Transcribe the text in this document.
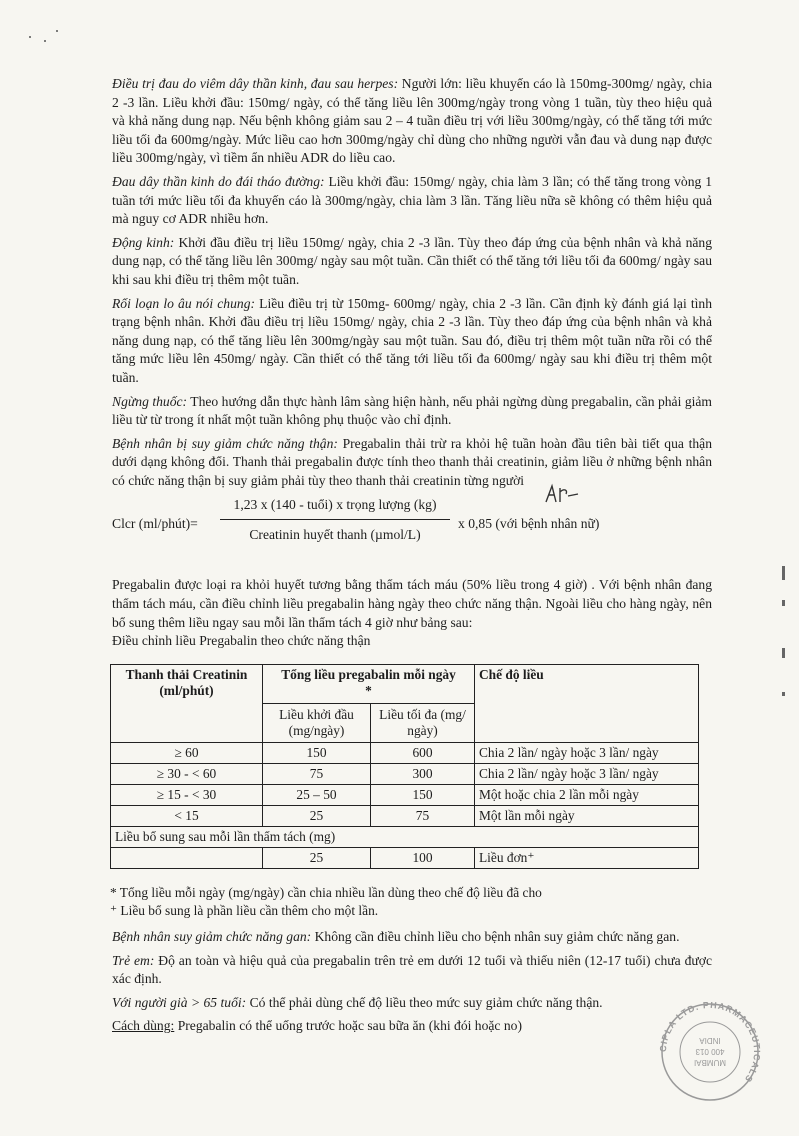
Điều trị đau do viêm dây thần kinh, đau sau herpes: Người lớn: liều khuyến cáo là 150mg-300mg/ ngày, chia 2 -3 lần. Liều khởi đầu: 150mg/ ngày, có thể tăng liều lên 300mg/ngày trong vòng 1 tuần, tùy theo hiệu quả và khả năng dung nạp. Nếu bệnh không giảm sau 2 – 4 tuần điều trị với liều 300mg/ngày, có thể tăng tới mức liều tối đa 600mg/ngày. Mức liều cao hơn 300mg/ngày chỉ dùng cho những người vẫn đau và dung nạp được liều 300mg/ngày, vì tiềm ẩn nhiều ADR do liều cao.

Đau dây thần kinh do đái tháo đường: Liều khởi đầu: 150mg/ ngày, chia làm 3 lần; có thể tăng trong vòng 1 tuần tới mức liều tối đa khuyến cáo là 300mg/ngày, chia làm 3 lần. Tăng liều nữa sẽ không có thêm hiệu quả mà nguy cơ ADR nhiều hơn.

Động kinh: Khởi đầu điều trị liều 150mg/ ngày, chia 2 -3 lần. Tùy theo đáp ứng của bệnh nhân và khả năng dung nạp, có thể tăng liều lên 300mg/ ngày sau một tuần. Cần thiết có thể tăng tới liều tối đa 600mg/ ngày sau khi sau khi điều trị thêm một tuần.

Rối loạn lo âu nói chung: Liều điều trị từ 150mg- 600mg/ ngày, chia 2 -3 lần. Cần định kỳ đánh giá lại tình trạng bệnh nhân. Khởi đầu điều trị liều 150mg/ ngày, chia 2 -3 lần. Tùy theo đáp ứng của bệnh nhân và khả năng dung nạp, có thể tăng liều lên 300mg/ngày sau một tuần. Sau đó, điều trị thêm một tuần nữa rồi có thể tăng mức liều lên 450mg/ ngày. Cần thiết có thể tăng tới liều tối đa 600mg/ ngày sau khi điều trị thêm một tuần.

Ngừng thuốc: Theo hướng dẫn thực hành lâm sàng hiện hành, nếu phải ngừng dùng pregabalin, cần phải giảm liều từ từ trong ít nhất một tuần không phụ thuộc vào chỉ định.

Bệnh nhân bị suy giảm chức năng thận: Pregabalin thải trừ ra khỏi hệ tuần hoàn đầu tiên bài tiết qua thận dưới dạng không đổi. Thanh thải pregabalin được tính theo thanh thải creatinin, giảm liều ở những bệnh nhân có chức năng thận bị suy giảm phải tùy theo thanh thải creatinin từng người

Clcr (ml/phút)=
1,23 x (140 - tuổi) x trọng lượng (kg)
Creatinin huyết thanh (µmol/L)
x 0,85 (với bệnh nhân nữ)

Pregabalin được loại ra khỏi huyết tương bằng thẩm tách máu (50% liều trong 4 giờ) . Với bệnh nhân đang thẩm tách máu, cần điều chỉnh liều pregabalin hàng ngày theo chức năng thận. Ngoài liều cho hàng ngày, nên bổ sung thêm liều ngay sau mỗi lần thẩm tách 4 giờ như bảng sau:

Điều chỉnh liều Pregabalin theo chức năng thận

Thanh thải Creatinin (ml/phút)	Tổng liều pregabalin mỗi ngày
*		Chế độ liều
	Liều khởi đầu (mg/ngày)	Liều tối đa (mg/ ngày)	
≥ 60	150	600	Chia 2 lần/ ngày hoặc 3 lần/ ngày
≥ 30 - < 60	75	300	Chia 2 lần/ ngày hoặc 3 lần/ ngày
≥ 15 - < 30	25 – 50	150	Một hoặc chia 2 lần mỗi ngày
< 15	25	75	Một lần mỗi ngày
Liều bổ sung sau mỗi lần thẩm tách (mg)			
	25	100	Liều đơn⁺
* Tổng liều mỗi ngày (mg/ngày) cần chia nhiều lần dùng theo chế độ liều đã cho
⁺ Liều bổ sung là phần liều cần thêm cho một lần.

Bệnh nhân suy giảm chức năng gan: Không cần điều chỉnh liều cho bệnh nhân suy giảm chức năng gan.

Trẻ em: Độ an toàn và hiệu quả của pregabalin trên trẻ em dưới 12 tuổi và thiếu niên (12-17 tuổi) chưa được xác định.

Với người già > 65 tuổi: Có thể phải dùng chế độ liều theo mức suy giảm chức năng thận.

Cách dùng: Pregabalin có thể uống trước hoặc sau bữa ăn (khi đói hoặc no)

CIPLA LTD. PHARMACEUTICALS
MUMBAI
400 013
INDIA
